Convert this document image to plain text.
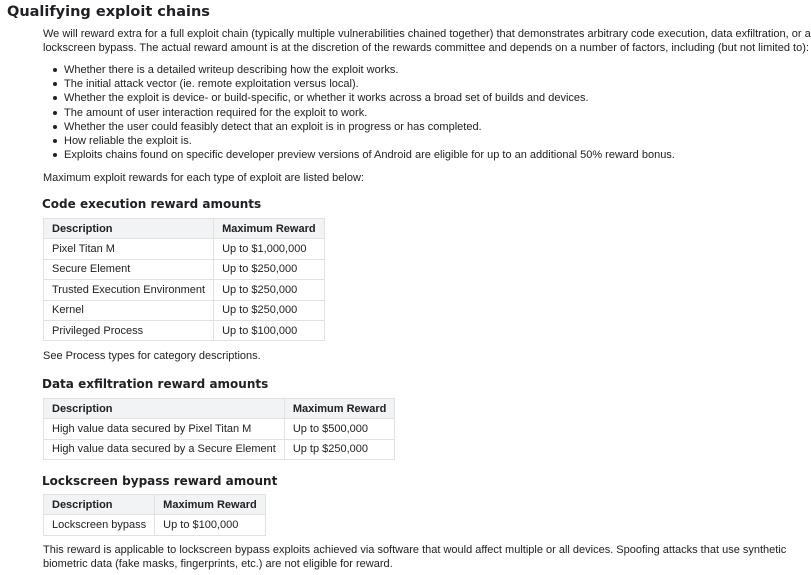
Qualifying exploit chains

We will reward extra for a full exploit chain (typically multiple vulnerabilities chained together) that demonstrates arbitrary code execution, data exfiltration, or a
lockscreen bypass. The actual reward amount is at the discretion of the rewards committee and depends on a number of factors, including (but not limited to):

Whether there is a detailed writeup describing how the exploit works.
The initial attack vector (ie. remote exploitation versus local).
Whether the exploit is device- or build-specific, or whether it works across a broad set of builds and devices.
The amount of user interaction required for the exploit to work.
Whether the user could feasibly detect that an exploit is in progress or has completed.
How reliable the exploit is.
Exploits chains found on specific developer preview versions of Android are eligible for up to an additional 50% reward bonus.

Maximum exploit rewards for each type of exploit are listed below:

Code execution reward amounts
Description	Maximum Reward
Pixel Titan M	Up to $1,000,000
Secure Element	Up to $250,000
Trusted Execution Environment	Up to $250,000
Kernel	Up to $250,000
Privileged Process	Up to $100,000

See Process types for category descriptions.

Data exfiltration reward amounts
Description	Maximum Reward
High value data secured by Pixel Titan M	Up to $500,000
High value data secured by a Secure Element	Up tp $250,000
Lockscreen bypass reward amount
Description	Maximum Reward
Lockscreen bypass	Up to $100,000

This reward is applicable to lockscreen bypass exploits achieved via software that would affect multiple or all devices. Spoofing attacks that use synthetic
biometric data (fake masks, fingerprints, etc.) are not eligible for reward.
